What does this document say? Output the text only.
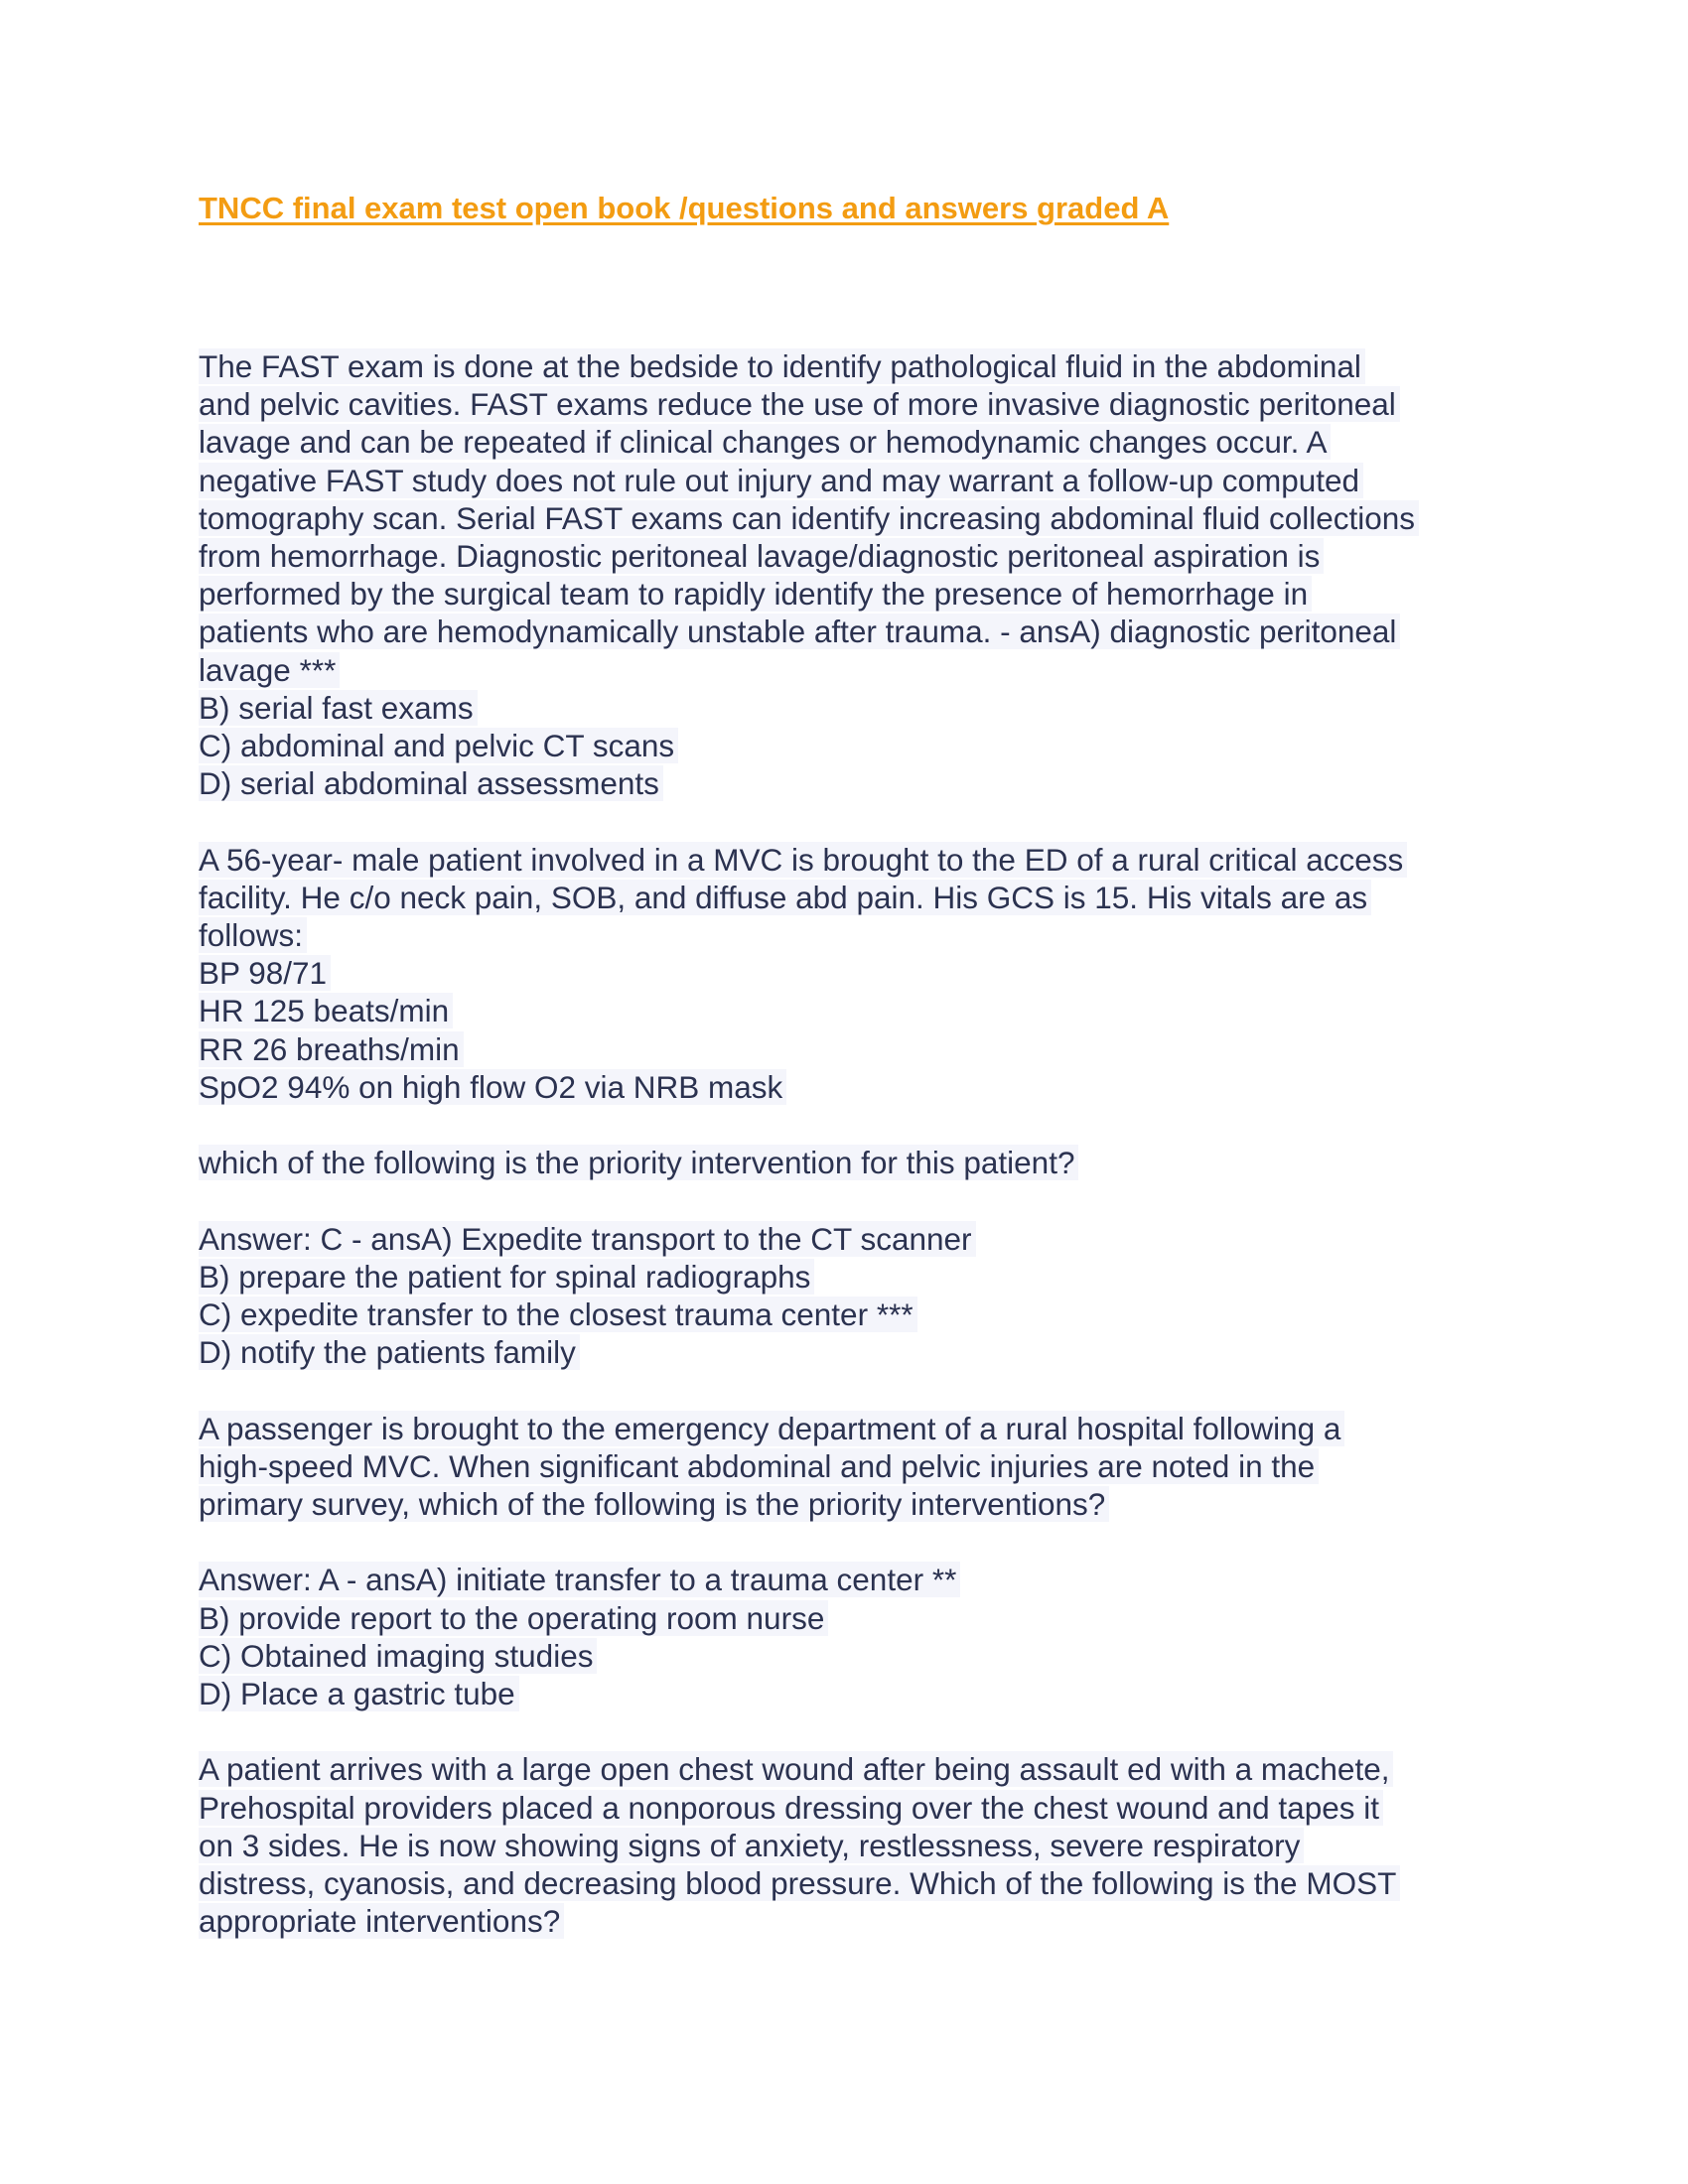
TNCC final exam test open book /questions and answers graded A
The FAST exam is done at the bedside to identify pathological fluid in the abdominal
and pelvic cavities. FAST exams reduce the use of more invasive diagnostic peritoneal
lavage and can be repeated if clinical changes or hemodynamic changes occur. A
negative FAST study does not rule out injury and may warrant a follow-up computed
tomography scan. Serial FAST exams can identify increasing abdominal fluid collections
from hemorrhage. Diagnostic peritoneal lavage/diagnostic peritoneal aspiration is
performed by the surgical team to rapidly identify the presence of hemorrhage in
patients who are hemodynamically unstable after trauma. - ansA) diagnostic peritoneal
lavage ***
B) serial fast exams
C) abdominal and pelvic CT scans
D) serial abdominal assessments
A 56-year- male patient involved in a MVC is brought to the ED of a rural critical access
facility. He c/o neck pain, SOB, and diffuse abd pain. His GCS is 15. His vitals are as
follows:
BP 98/71
HR 125 beats/min
RR 26 breaths/min
SpO2 94% on high flow O2 via NRB mask
which of the following is the priority intervention for this patient?
Answer: C - ansA) Expedite transport to the CT scanner
B) prepare the patient for spinal radiographs
C) expedite transfer to the closest trauma center ***
D) notify the patients family
A passenger is brought to the emergency department of a rural hospital following a
high-speed MVC. When significant abdominal and pelvic injuries are noted in the
primary survey, which of the following is the priority interventions?
Answer: A - ansA) initiate transfer to a trauma center **
B) provide report to the operating room nurse
C) Obtained imaging studies
D) Place a gastric tube
A patient arrives with a large open chest wound after being assault ed with a machete,
Prehospital providers placed a nonporous dressing over the chest wound and tapes it
on 3 sides. He is now showing signs of anxiety, restlessness, severe respiratory
distress, cyanosis, and decreasing blood pressure. Which of the following is the MOST
appropriate interventions?
